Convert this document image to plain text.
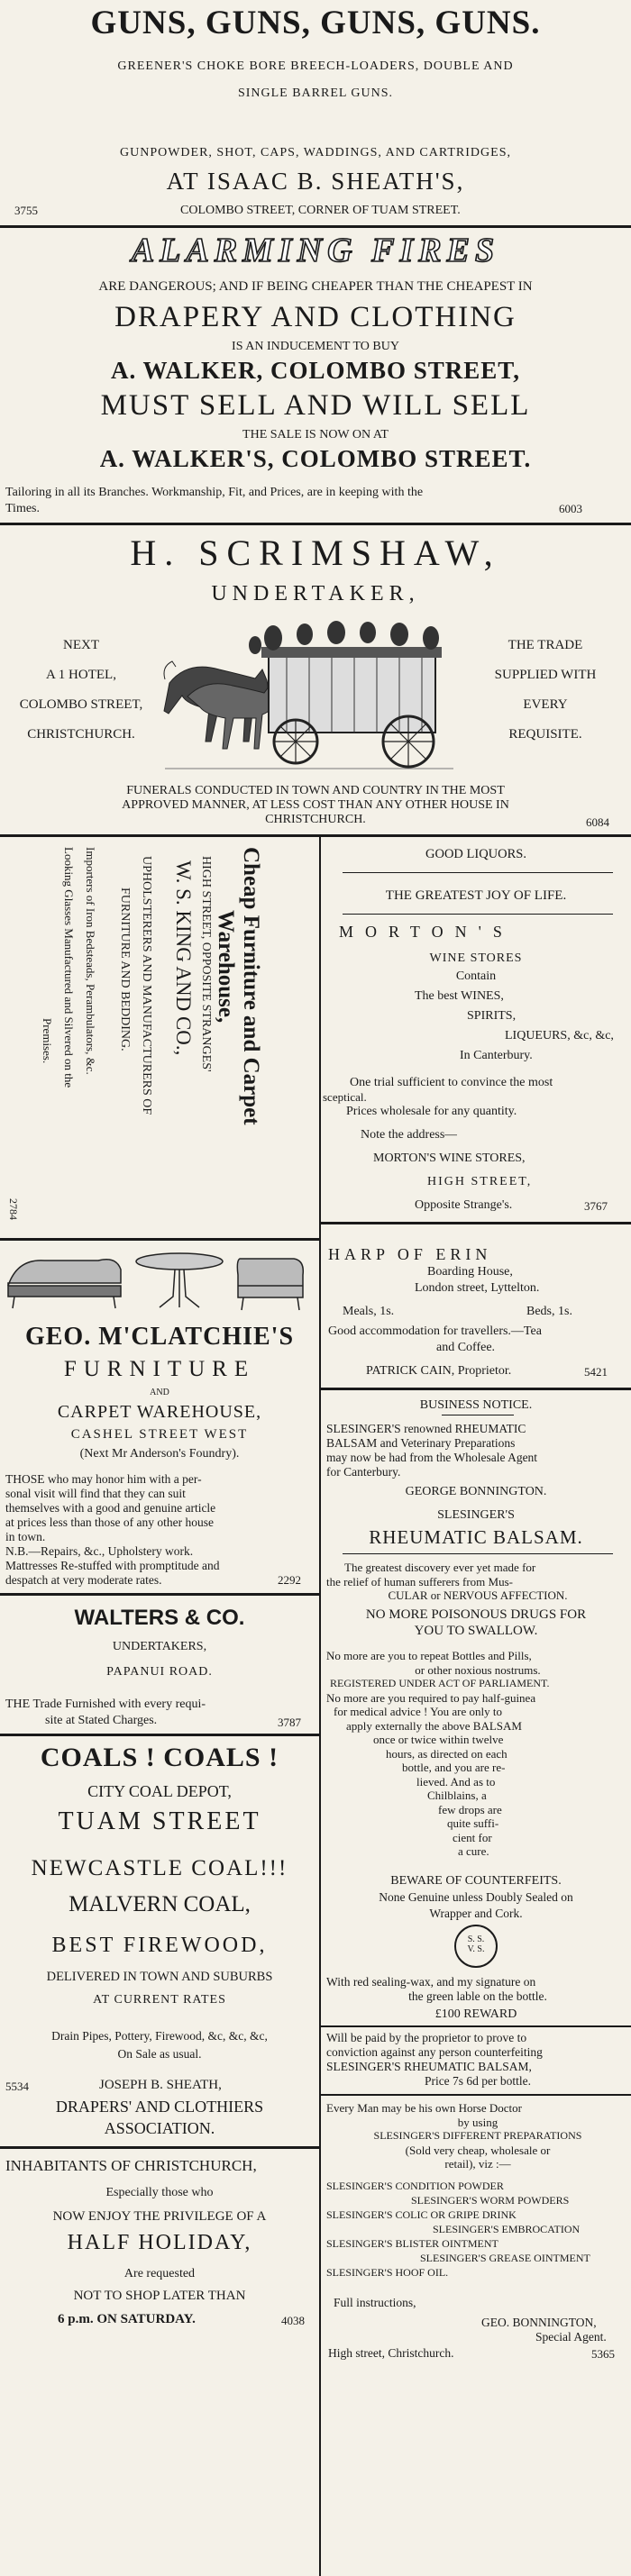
GUNS, GUNS, GUNS, GUNS.
GREENER'S CHOKE BORE BREECH-LOADERS, DOUBLE AND
SINGLE BARREL GUNS.
GUNPOWDER, SHOT, CAPS, WADDINGS, AND CARTRIDGES,
AT ISAAC B. SHEATH'S,
3755	COLOMBO STREET, CORNER OF TUAM STREET.
ALARMING FIRES
ARE DANGEROUS; AND IF BEING CHEAPER THAN THE CHEAPEST IN
DRAPERY AND CLOTHING
IS AN INDUCEMENT TO BUY
A. WALKER, COLOMBO STREET,
MUST SELL AND WILL SELL
THE SALE IS NOW ON AT
A. WALKER'S, COLOMBO STREET.
Tailoring in all its Branches. Workmanship, Fit, and Prices, are in keeping with the
Times.	6003
H. SCRIMSHAW,
UNDERTAKER,
NEXT
A 1 HOTEL,
COLOMBO STREET,
CHRISTCHURCH.
THE TRADE
SUPPLIED WITH
EVERY
REQUISITE.
FUNERALS CONDUCTED IN TOWN AND COUNTRY IN THE MOST
APPROVED MANNER, AT LESS COST THAN ANY OTHER HOUSE IN
CHRISTCHURCH.	6084
Cheap Furniture and Carpet
Warehouse,
HIGH STREET, OPPOSITE STRANGES'
W. S. KING AND CO.,
UPHOLSTERERS AND MANUFACTURERS OF
FURNITURE AND BEDDING.
Importers of Iron Bedsteads, Perambulators, &c.
Looking Glasses Manufactured and Silvered on the
Premises.
2784
GEO. M'CLATCHIE'S
FURNITURE
AND
CARPET WAREHOUSE,
CASHEL STREET WEST
(Next Mr Anderson's Foundry).
THOSE who may honor him with a per-
sonal visit will find that they can suit
themselves with a good and genuine article
at prices less than those of any other house
in town.
N.B.—Repairs, &c., Upholstery work.
Mattresses Re-stuffed with promptitude and
despatch at very moderate rates.	2292
WALTERS & CO.
UNDERTAKERS,
PAPANUI ROAD.
THE Trade Furnished with every requi-
site at Stated Charges.	3787
COALS ! COALS !
CITY COAL DEPOT,
TUAM STREET
NEWCASTLE COAL!!!
MALVERN COAL,
BEST FIREWOOD,
DELIVERED IN TOWN AND SUBURBS
AT CURRENT RATES
Drain Pipes, Pottery, Firewood, &c, &c, &c,
On Sale as usual.
5534	JOSEPH B. SHEATH,
DRAPERS' AND CLOTHIERS
ASSOCIATION.
INHABITANTS OF CHRISTCHURCH,
Especially those who
NOW ENJOY THE PRIVILEGE OF A
HALF HOLIDAY,
Are requested
NOT TO SHOP LATER THAN
6 p.m. ON SATURDAY.	4038
GOOD LIQUORS.
THE GREATEST JOY OF LIFE.
MORTON'S
WINE STORES
Contain
The best WINES,
SPIRITS,
LIQUEURS, &c, &c,
In Canterbury.
One trial sufficient to convince the most
sceptical.
Prices wholesale for any quantity.
Note the address—
MORTON'S WINE STORES,
HIGH STREET,
Opposite Strange's.	3767
HARP OF ERIN
Boarding House,
London street, Lyttelton.
Meals, 1s.	Beds, 1s.
Good accommodation for travellers.—Tea
and Coffee.
PATRICK CAIN, Proprietor.	5421
BUSINESS NOTICE.
SLESINGER'S renowned RHEUMATIC
BALSAM and Veterinary Preparations
may now be had from the Wholesale Agent
for Canterbury.
GEORGE BONNINGTON.
SLESINGER'S
RHEUMATIC BALSAM.
The greatest discovery ever yet made for
the relief of human sufferers from Mus-
CULAR or NERVOUS AFFECTION.
NO MORE POISONOUS DRUGS FOR
YOU TO SWALLOW.
No more are you to repeat Bottles and Pills,
or other noxious nostrums.
REGISTERED UNDER ACT OF PARLIAMENT.
No more are you required to pay half-guinea
for medical advice ! You are only to
apply externally the above BALSAM
once or twice within twelve
hours, as directed on each
bottle, and you are re-
lieved. And as to
Chilblains, a
few drops are
quite suffi-
cient for
a cure.
BEWARE OF COUNTERFEITS.
None Genuine unless Doubly Sealed on
Wrapper and Cork.
S. S.
V. S.
With red sealing-wax, and my signature on
the green lable on the bottle.
£100 REWARD
Will be paid by the proprietor to prove to
conviction against any person counterfeiting
SLESINGER'S RHEUMATIC BALSAM,
Price 7s 6d per bottle.
Every Man may be his own Horse Doctor
by using
SLESINGER'S DIFFERENT PREPARATIONS
(Sold very cheap, wholesale or
retail), viz :—
SLESINGER'S CONDITION POWDER
SLESINGER'S WORM POWDERS
SLESINGER'S COLIC OR GRIPE DRINK
SLESINGER'S EMBROCATION
SLESINGER'S BLISTER OINTMENT
SLESINGER'S GREASE OINTMENT
SLESINGER'S HOOF OIL.
Full instructions,
GEO. BONNINGTON,
Special Agent.
High street, Christchurch.	5365
